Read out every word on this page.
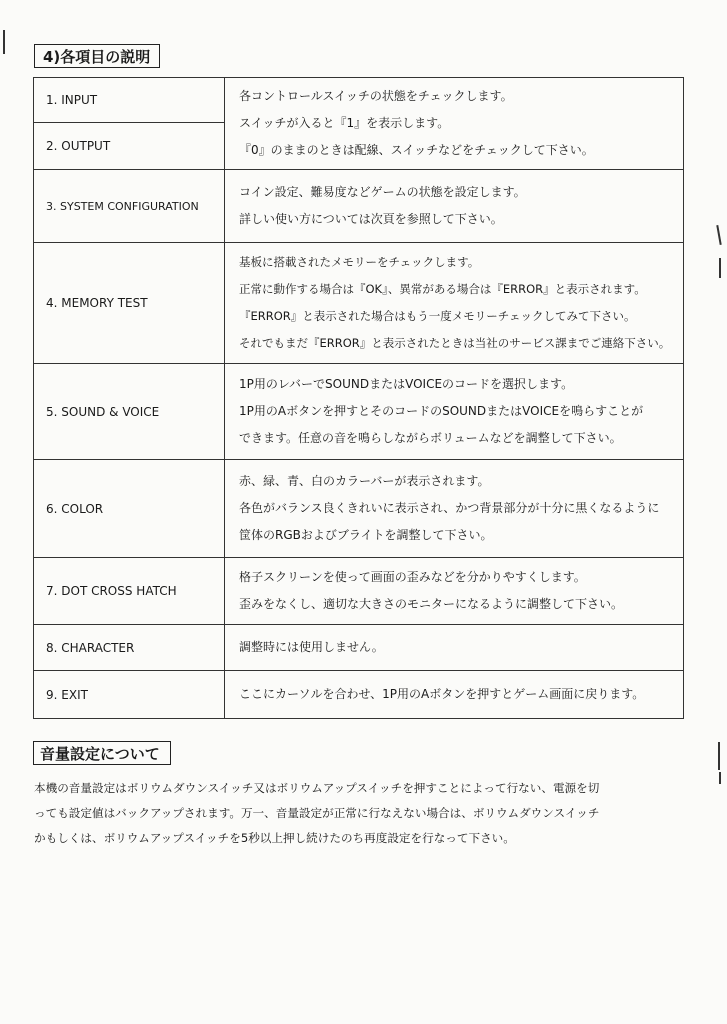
4)各項目の説明
1. INPUT	各コントロールスイッチの状態をチェックします。
スイッチが入ると『1』を表示します。
『0』のままのときは配線、スイッチなどをチェックして下さい。

2. OUTPUT	
3. SYSTEM CONFIGURATION	コイン設定、難易度などゲームの状態を設定します。
詳しい使い方については次頁を参照して下さい。

4. MEMORY TEST	基板に搭載されたメモリーをチェックします。
正常に動作する場合は『OK』、異常がある場合は『ERROR』と表示されます。
『ERROR』と表示された場合はもう一度メモリーチェックしてみて下さい。
それでもまだ『ERROR』と表示されたときは当社のサービス課までご連絡下さい。

5. SOUND & VOICE	1P用のレバーでSOUNDまたはVOICEのコードを選択します。
1P用のAボタンを押すとそのコードのSOUNDまたはVOICEを鳴らすことが
できます。任意の音を鳴らしながらボリュームなどを調整して下さい。

6. COLOR	赤、緑、青、白のカラーバーが表示されます。
各色がバランス良くきれいに表示され、かつ背景部分が十分に黒くなるように
筐体のRGBおよびブライトを調整して下さい。

7. DOT CROSS HATCH	格子スクリーンを使って画面の歪みなどを分かりやすくします。
歪みをなくし、適切な大きさのモニターになるように調整して下さい。

8. CHARACTER	調整時には使用しません。

9. EXIT	ここにカーソルを合わせ、1P用のAボタンを押すとゲーム画面に戻ります。
音量設定について
本機の音量設定はボリウムダウンスイッチ又はボリウムアップスイッチを押すことによって行ない、電源を切
っても設定値はバックアップされます。万一、音量設定が正常に行なえない場合は、ボリウムダウンスイッチ
かもしくは、ボリウムアップスイッチを5秒以上押し続けたのち再度設定を行なって下さい。
